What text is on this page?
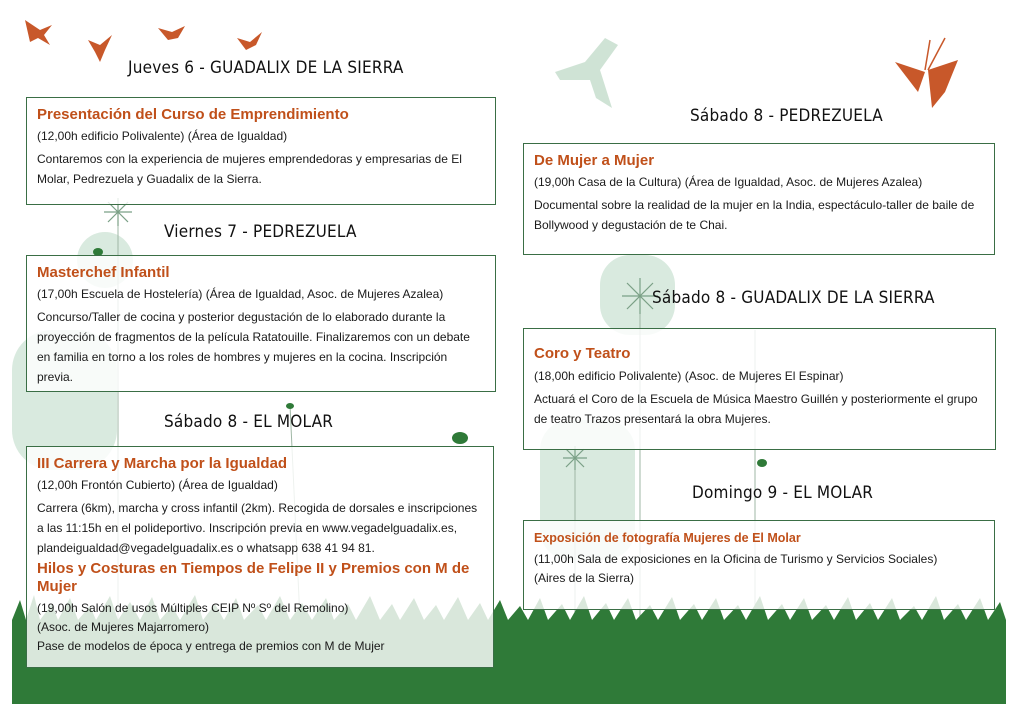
Jueves 6 - GUADALIX DE LA SIERRA

Presentación del Curso de Emprendimiento

(12,00h edificio Polivalente) (Área de Igualdad)

Contaremos con la experiencia de mujeres emprendedoras y empresarias de El Molar, Pedrezuela y Guadalix de la Sierra.

Viernes 7 - PEDREZUELA

Masterchef Infantil

(17,00h Escuela de Hostelería) (Área de Igualdad, Asoc. de Mujeres Azalea)

Concurso/Taller de cocina y posterior degustación de lo elaborado durante la proyección de fragmentos de la película Ratatouille. Finalizaremos con un debate en familia en torno a los roles de hombres y mujeres en la cocina. Inscripción previa.

Sábado 8 - EL MOLAR

III Carrera y Marcha por la Igualdad

(12,00h Frontón Cubierto) (Área de Igualdad)

Carrera (6km), marcha y cross infantil (2km). Recogida de dorsales e inscripciones a las 11:15h en el polideportivo. Inscripción previa en www.vegadelguadalix.es, plandeigualdad@vegadelguadalix.es o whatsapp 638 41 94 81.

Hilos y Costuras en Tiempos de Felipe II y Premios con M de Mujer

(19,00h Salón de usos Múltiples CEIP Nº Sº del Remolino)

(Asoc. de Mujeres Majarromero)

Pase de modelos de época y entrega de premios con M de Mujer

Sábado 8 - PEDREZUELA

De Mujer a Mujer

(19,00h Casa de la Cultura) (Área de Igualdad, Asoc. de Mujeres Azalea)

Documental sobre la realidad de la mujer en la India, espectáculo-taller de baile de Bollywood y degustación de te Chai.

Sábado 8 - GUADALIX DE LA SIERRA

Coro y Teatro

(18,00h edificio Polivalente) (Asoc. de Mujeres El Espinar)

Actuará el Coro de la Escuela de Música Maestro Guillén y posteriormente el grupo de teatro Trazos presentará la obra Mujeres.

Domingo 9 - EL MOLAR

Exposición de fotografía Mujeres de El Molar

(11,00h Sala de exposiciones en la Oficina de Turismo y Servicios Sociales)

(Aires de la Sierra)
